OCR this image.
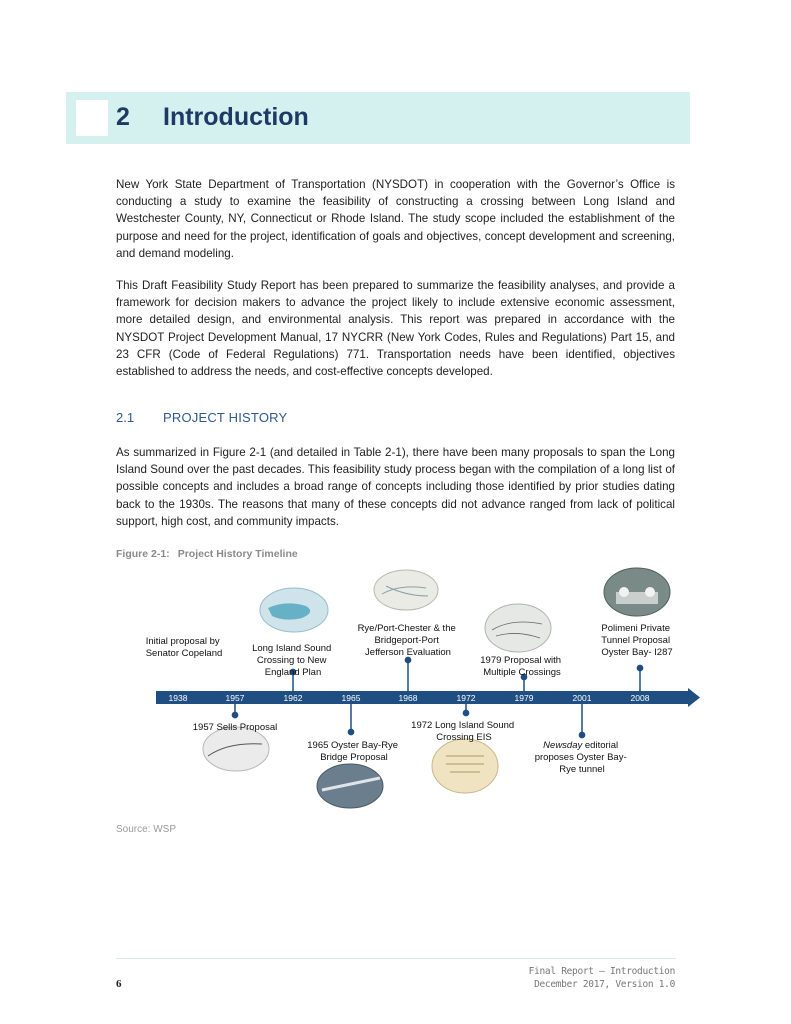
2 Introduction

New York State Department of Transportation (NYSDOT) in cooperation with the Governor’s Office is conducting a study to examine the feasibility of constructing a crossing between Long Island and Westchester County, NY, Connecticut or Rhode Island. The study scope included the establishment of the purpose and need for the project, identification of goals and objectives, concept development and screening, and demand modeling.

This Draft Feasibility Study Report has been prepared to summarize the feasibility analyses, and provide a framework for decision makers to advance the project likely to include extensive economic assessment, more detailed design, and environmental analysis. This report was prepared in accordance with the NYSDOT Project Development Manual, 17 NYCRR (New York Codes, Rules and Regulations) Part 15, and 23 CFR (Code of Federal Regulations) 771. Transportation needs have been identified, objectives established to address the needs, and cost-effective concepts developed.

2.1 PROJECT HISTORY

As summarized in Figure 2-1 (and detailed in Table 2-1), there have been many proposals to span the Long Island Sound over the past decades. This feasibility study process began with the compilation of a long list of possible concepts and includes a broad range of concepts including those identified by prior studies dating back to the 1930s. The reasons that many of these concepts did not advance ranged from lack of political support, high cost, and community impacts.

Figure 2-1: Project History Timeline
1938	1957	1962	1965	1968	1972	1979	2001	2008
Initial proposal by Senator Copeland	Long Island Sound Crossing to New England Plan
Rye/Port-Chester & the Bridgeport-Port Jefferson Evaluation
1979 Proposal with Multiple Crossings
Polimeni Private Tunnel Proposal Oyster Bay- I287
1957 Sells Proposal
1965 Oyster Bay-Rye Bridge Proposal
1972 Long Island Sound Crossing EIS
Newsday editorial proposes Oyster Bay- Rye tunnel
Source: WSP
6
Final Report – Introduction
December 2017, Version 1.0
